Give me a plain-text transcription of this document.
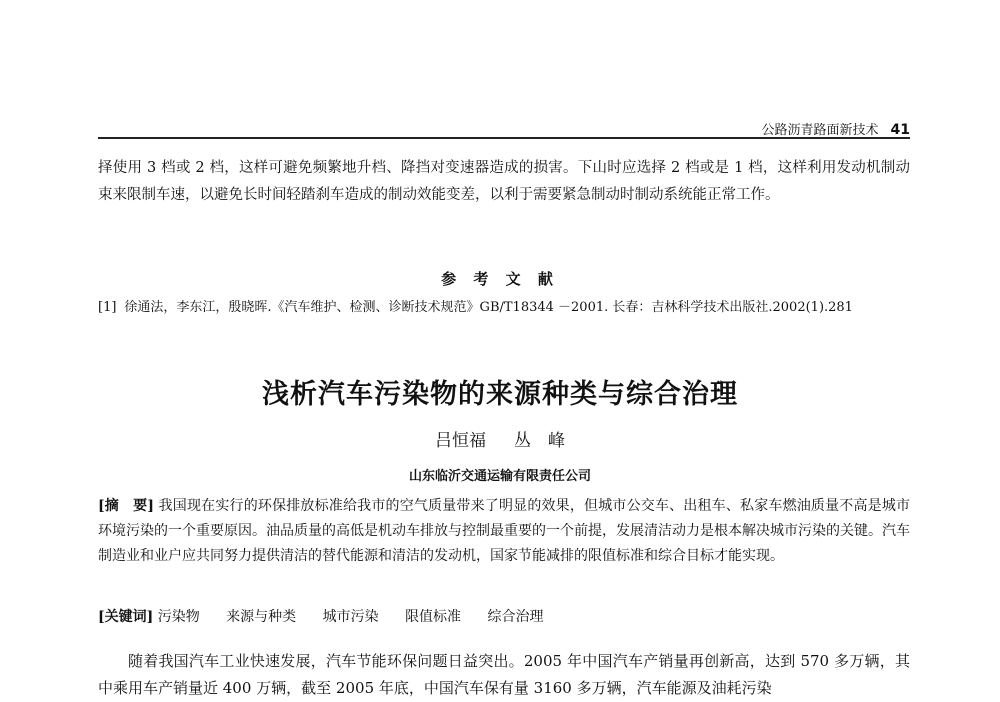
公路沥青路面新技术 41
择使用 3 档或 2 档，这样可避免频繁地升档、降挡对变速器造成的损害。下山时应选择 2 档或是 1 档，这样利用发动机制动束来限制车速，以避免长时间轻踏刹车造成的制动效能变差，以利于需要紧急制动时制动系统能正常工作。
参 考 文 献
[1] 徐通法，李东江，殷晓晖.《汽车维护、检测、诊断技术规范》GB/T18344 －2001. 长春：吉林科学技术出版社.2002(1).281
浅析汽车污染物的来源种类与综合治理
吕恒福 丛　峰
山东临沂交通运输有限责任公司
[摘　要] 我国现在实行的环保排放标准给我市的空气质量带来了明显的效果，但城市公交车、出租车、私家车燃油质量不高是城市环境污染的一个重要原因。油品质量的高低是机动车排放与控制最重要的一个前提，发展清洁动力是根本解决城市污染的关键。汽车制造业和业户应共同努力提供清洁的替代能源和清洁的发动机，国家节能减排的限值标准和综合目标才能实现。
[关键词] 污染物 来源与种类 城市污染 限值标准 综合治理
随着我国汽车工业快速发展，汽车节能环保问题日益突出。2005 年中国汽车产销量再创新高，达到 570 多万辆，其中乘用车产销量近 400 万辆，截至 2005 年底，中国汽车保有量 3160 多万辆，汽车能源及油耗污染
